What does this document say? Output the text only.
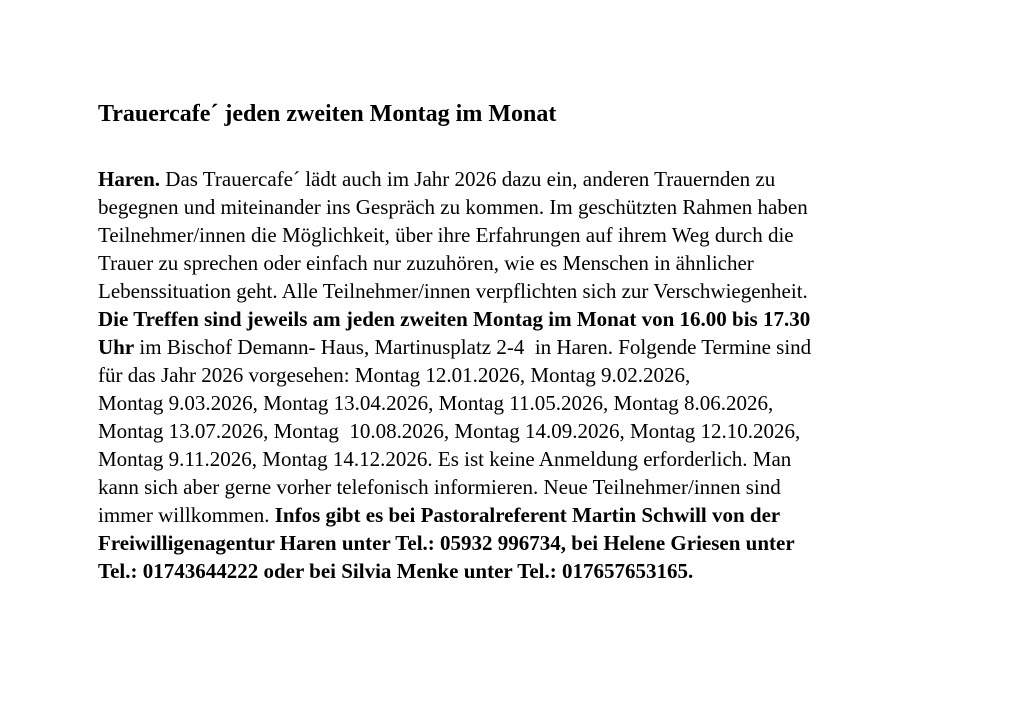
Trauercafe´ jeden zweiten Montag im Monat
Haren. Das Trauercafe´ lädt auch im Jahr 2026 dazu ein, anderen Trauernden zu
begegnen und miteinander ins Gespräch zu kommen. Im geschützten Rahmen haben
Teilnehmer/innen die Möglichkeit, über ihre Erfahrungen auf ihrem Weg durch die
Trauer zu sprechen oder einfach nur zuzuhören, wie es Menschen in ähnlicher
Lebenssituation geht. Alle Teilnehmer/innen verpflichten sich zur Verschwiegenheit.
Die Treffen sind jeweils am jeden zweiten Montag im Monat von 16.00 bis 17.30
Uhr im Bischof Demann- Haus, Martinusplatz 2-4  in Haren. Folgende Termine sind
für das Jahr 2026 vorgesehen: Montag 12.01.2026, Montag 9.02.2026,
Montag 9.03.2026, Montag 13.04.2026, Montag 11.05.2026, Montag 8.06.2026,
Montag 13.07.2026, Montag  10.08.2026, Montag 14.09.2026, Montag 12.10.2026,
Montag 9.11.2026, Montag 14.12.2026. Es ist keine Anmeldung erforderlich. Man
kann sich aber gerne vorher telefonisch informieren. Neue Teilnehmer/innen sind
immer willkommen. Infos gibt es bei Pastoralreferent Martin Schwill von der
Freiwilligenagentur Haren unter Tel.: 05932 996734, bei Helene Griesen unter
Tel.: 01743644222 oder bei Silvia Menke unter Tel.: 017657653165.
